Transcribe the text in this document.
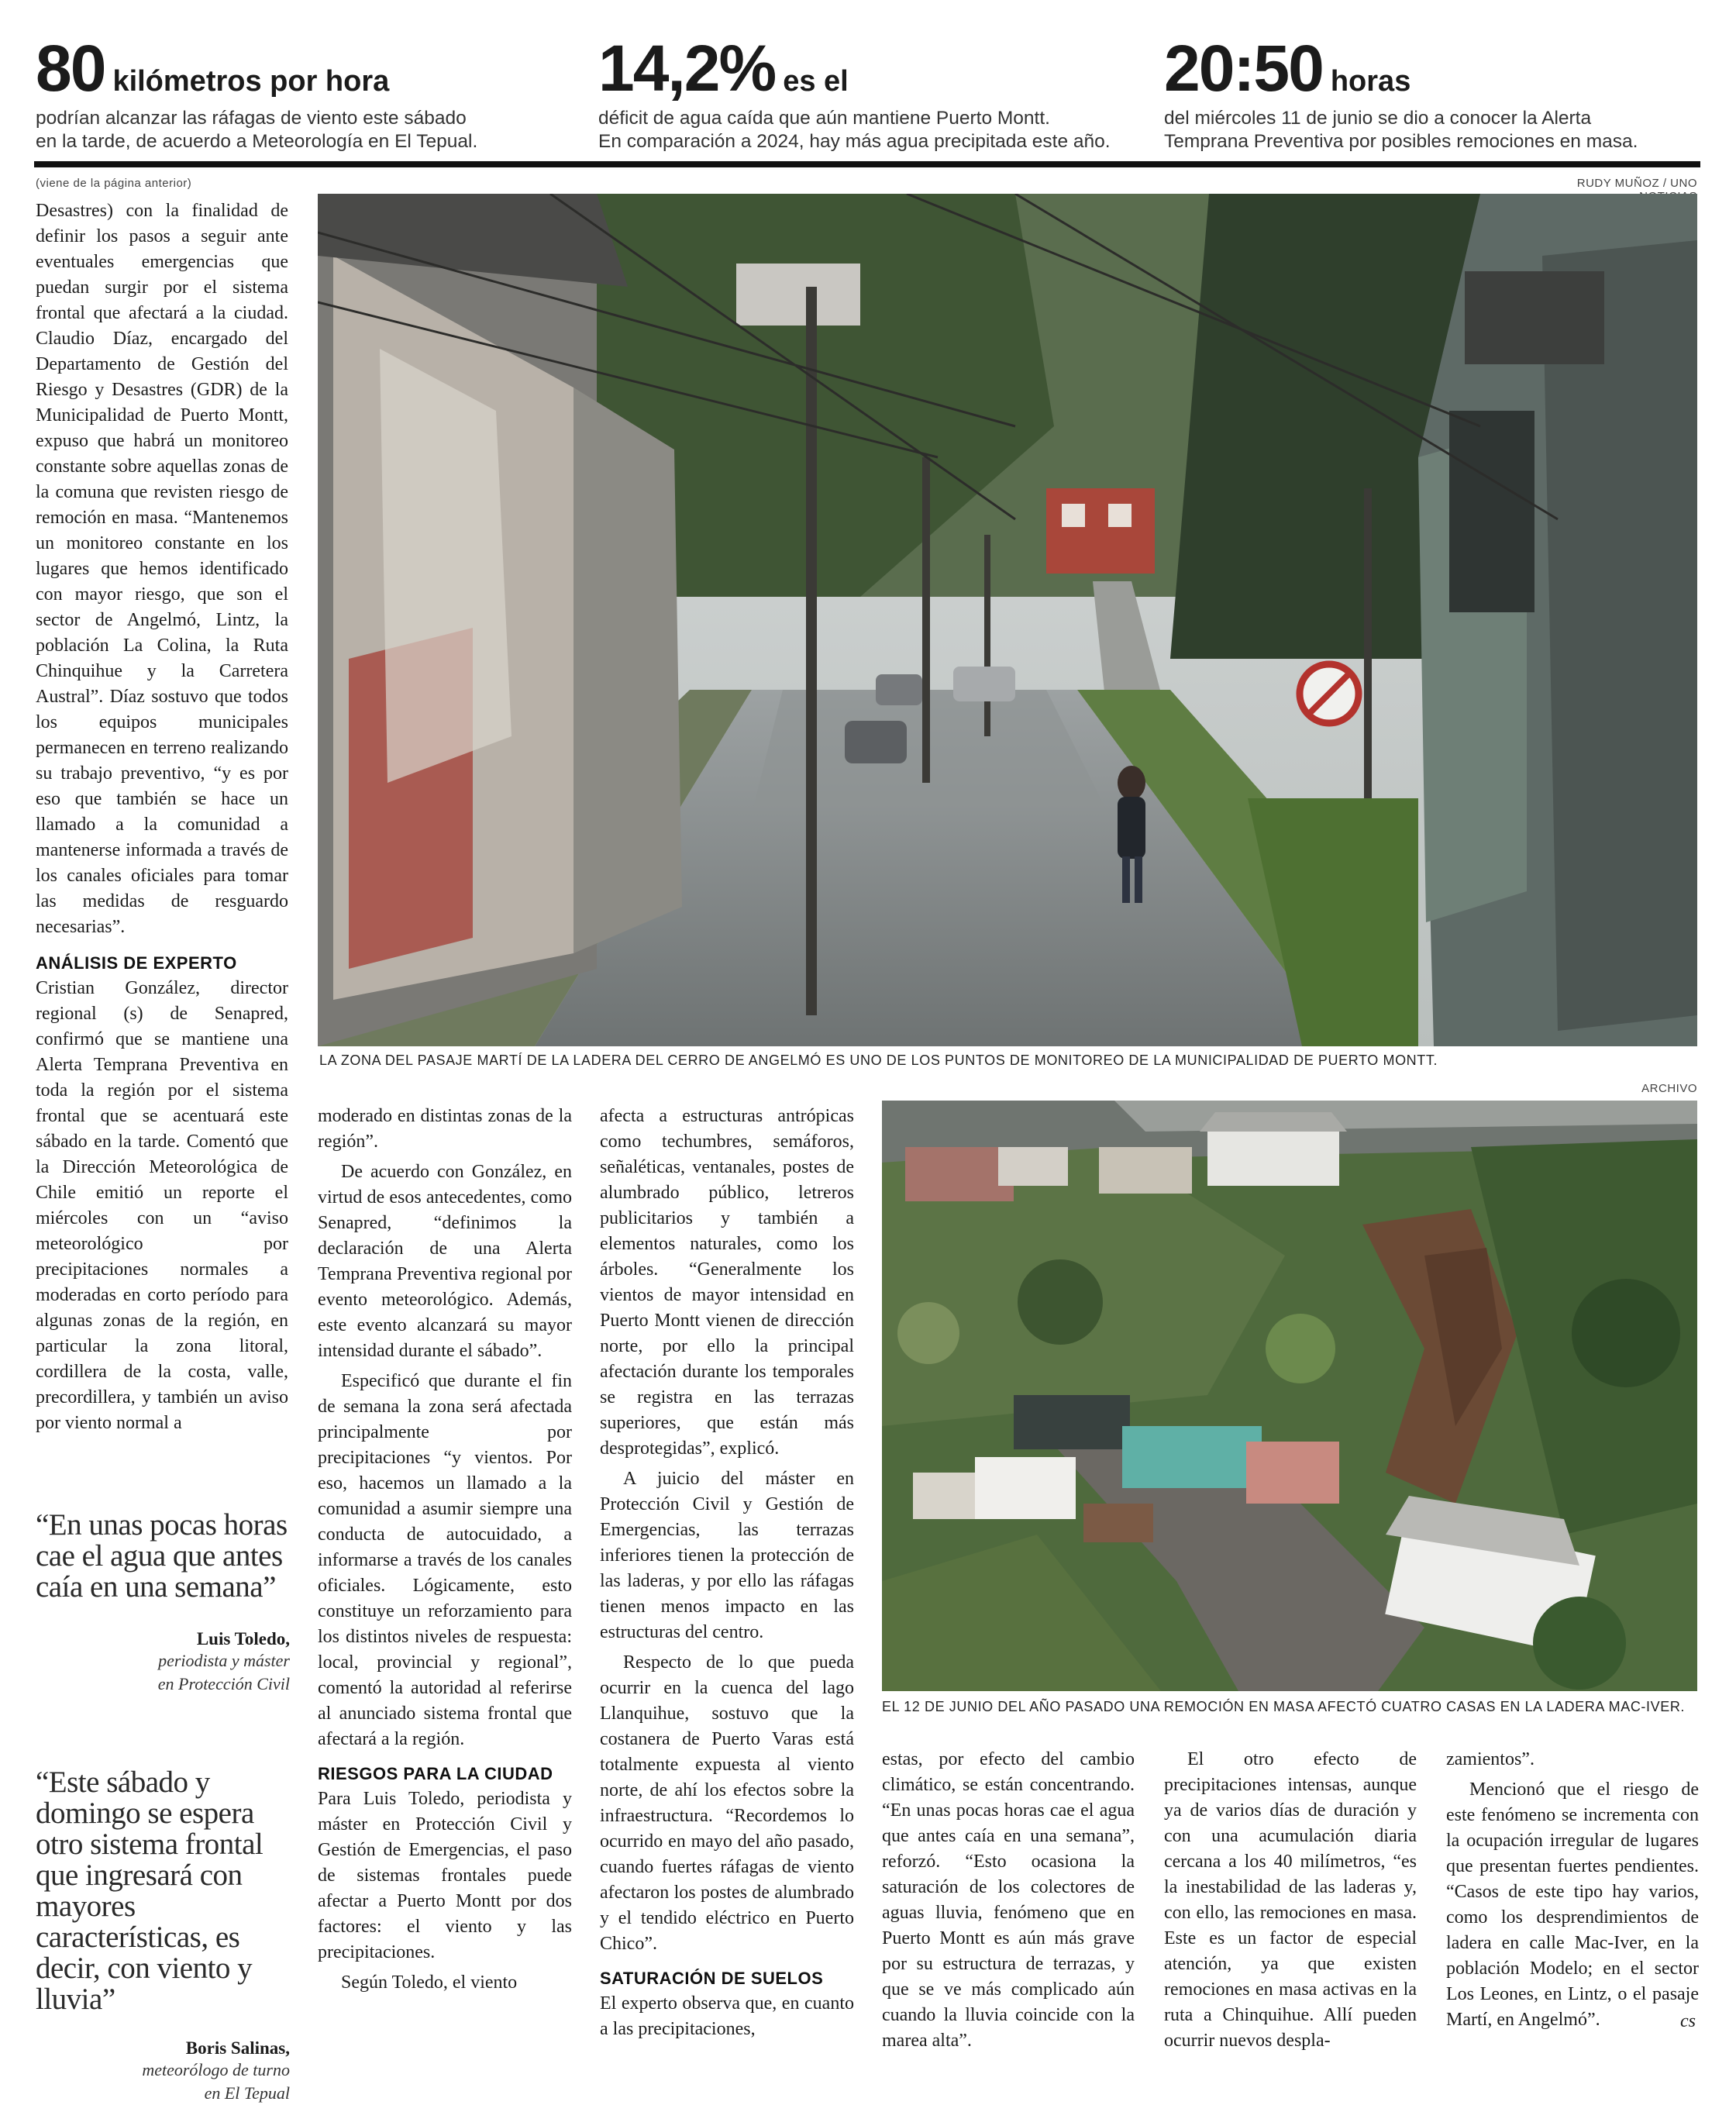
80 kilómetros por hora
podrían alcanzar las ráfagas de viento este sábado
en la tarde, de acuerdo a Meteorología en El Tepual.
14,2% es el
déficit de agua caída que aún mantiene Puerto Montt.
En comparación a 2024, hay más agua precipitada este año.
20:50 horas
del miércoles 11 de junio se dio a conocer la Alerta
Temprana Preventiva por posibles remociones en masa.
(viene de la página anterior)	RUDY MUÑOZ / UNO
LA ZONA DEL PASAJE MARTÍ DE LA LADERA DEL CERRO DE ANGELMÓ ES UNO DE LOS PUNTOS DE MONITOREO DE LA MUNICIPALIDAD DE PUERTO MONTT.

Desastres) con la finalidad de definir los pasos a seguir ante eventuales emergencias que puedan surgir por el sistema frontal que afectará a la ciudad. Claudio Díaz, encargado del Departamento de Gestión del Riesgo y Desastres (GDR) de la Municipalidad de Puerto Montt, expuso que habrá un monitoreo constante sobre aquellas zonas de la comuna que revisten riesgo de remoción en masa. “Mantenemos un monitoreo constante en los lugares que hemos identificado con mayor riesgo, que son el sector de Angelmó, Lintz, la población La Colina, la Ruta Chinquihue y la Carretera Austral”. Díaz sostuvo que todos los equipos municipales permanecen en terreno realizando su trabajo preventivo, “y es por eso que también se hace un llamado a la comunidad a mantenerse informada a través de los canales oficiales para tomar las medidas de resguardo necesarias”.

ANÁLISIS DE EXPERTO

Cristian González, director regional (s) de Senapred, confirmó que se mantiene una Alerta Temprana Preventiva en toda la región por el sistema frontal que se acentuará este sábado en la tarde. Comentó que la Dirección Meteorológica de Chile emitió un reporte el miércoles con un “aviso meteorológico por precipitaciones normales a moderadas en corto período para algunas zonas de la región, en particular la zona litoral, cordillera de la costa, valle, precordillera, y también un aviso por viento normal a

“En unas pocas horas cae el agua que antes caía en una semana”
Luis Toledo,
periodista y máster
en Protección Civil
“Este sábado y domingo se espera otro sistema frontal que ingresará con mayores características, es decir, con viento y lluvia”
Boris Salinas,
meteorólogo de turno
en El Tepual

moderado en distintas zonas de la región”.

De acuerdo con González, en virtud de esos antecedentes, como Senapred, “definimos la declaración de una Alerta Temprana Preventiva regional por evento meteorológico. Además, este evento alcanzará su mayor intensidad durante el sábado”.

Especificó que durante el fin de semana la zona será afectada principalmente por precipitaciones “y vientos. Por eso, hacemos un llamado a la comunidad a asumir siempre una conducta de autocuidado, a informarse a través de los canales oficiales. Lógicamente, esto constituye un reforzamiento para los distintos niveles de respuesta: local, provincial y regional”, comentó la autoridad al referirse al anunciado sistema frontal que afectará a la región.

RIESGOS PARA LA CIUDAD

Para Luis Toledo, periodista y máster en Protección Civil y Gestión de Emergencias, el paso de sistemas frontales puede afectar a Puerto Montt por dos factores: el viento y las precipitaciones.

Según Toledo, el viento

afecta a estructuras antrópicas como techumbres, semáforos, señaléticas, ventanales, postes de alumbrado público, letreros publicitarios y también a elementos naturales, como los árboles. “Generalmente los vientos de mayor intensidad en Puerto Montt vienen de dirección norte, por ello la principal afectación durante los temporales se registra en las terrazas superiores, que están más desprotegidas”, explicó.

A juicio del máster en Protección Civil y Gestión de Emergencias, las terrazas inferiores tienen la protección de las laderas, y por ello las ráfagas tienen menos impacto en las estructuras del centro.

Respecto de lo que pueda ocurrir en la cuenca del lago Llanquihue, sostuvo que la costanera de Puerto Varas está totalmente expuesta al viento norte, de ahí los efectos sobre la infraestructura. “Recordemos lo ocurrido en mayo del año pasado, cuando fuertes ráfagas de viento afectaron los postes de alumbrado y el tendido eléctrico en Puerto Chico”.

SATURACIÓN DE SUELOS

El experto observa que, en cuanto a las precipitaciones,

ARCHIVO
EL 12 DE JUNIO DEL AÑO PASADO UNA REMOCIÓN EN MASA AFECTÓ CUATRO CASAS EN LA LADERA MAC-IVER.

estas, por efecto del cambio climático, se están concentrando. “En unas pocas horas cae el agua que antes caía en una semana”, reforzó. “Esto ocasiona la saturación de los colectores de aguas lluvia, fenómeno que en Puerto Montt es aún más grave por su estructura de terrazas, y que se ve más complicado aún cuando la lluvia coincide con la marea alta”.

El otro efecto de precipitaciones intensas, aunque ya de varios días de duración y con una acumulación diaria cercana a los 40 milímetros, “es la inestabilidad de las laderas y, con ello, las remociones en masa. Este es un factor de especial atención, ya que existen remociones en masa activas en la ruta a Chinquihue. Allí pueden ocurrir nuevos despla-

zamientos”.

Mencionó que el riesgo de este fenómeno se incrementa con la ocupación irregular de lugares que presentan fuertes pendientes. “Casos de este tipo hay varios, como los desprendimientos de ladera en calle Mac-Iver, en la población Modelo; en el sector Los Leones, en Lintz, o el pasaje Martí, en Angelmó”.	cs
